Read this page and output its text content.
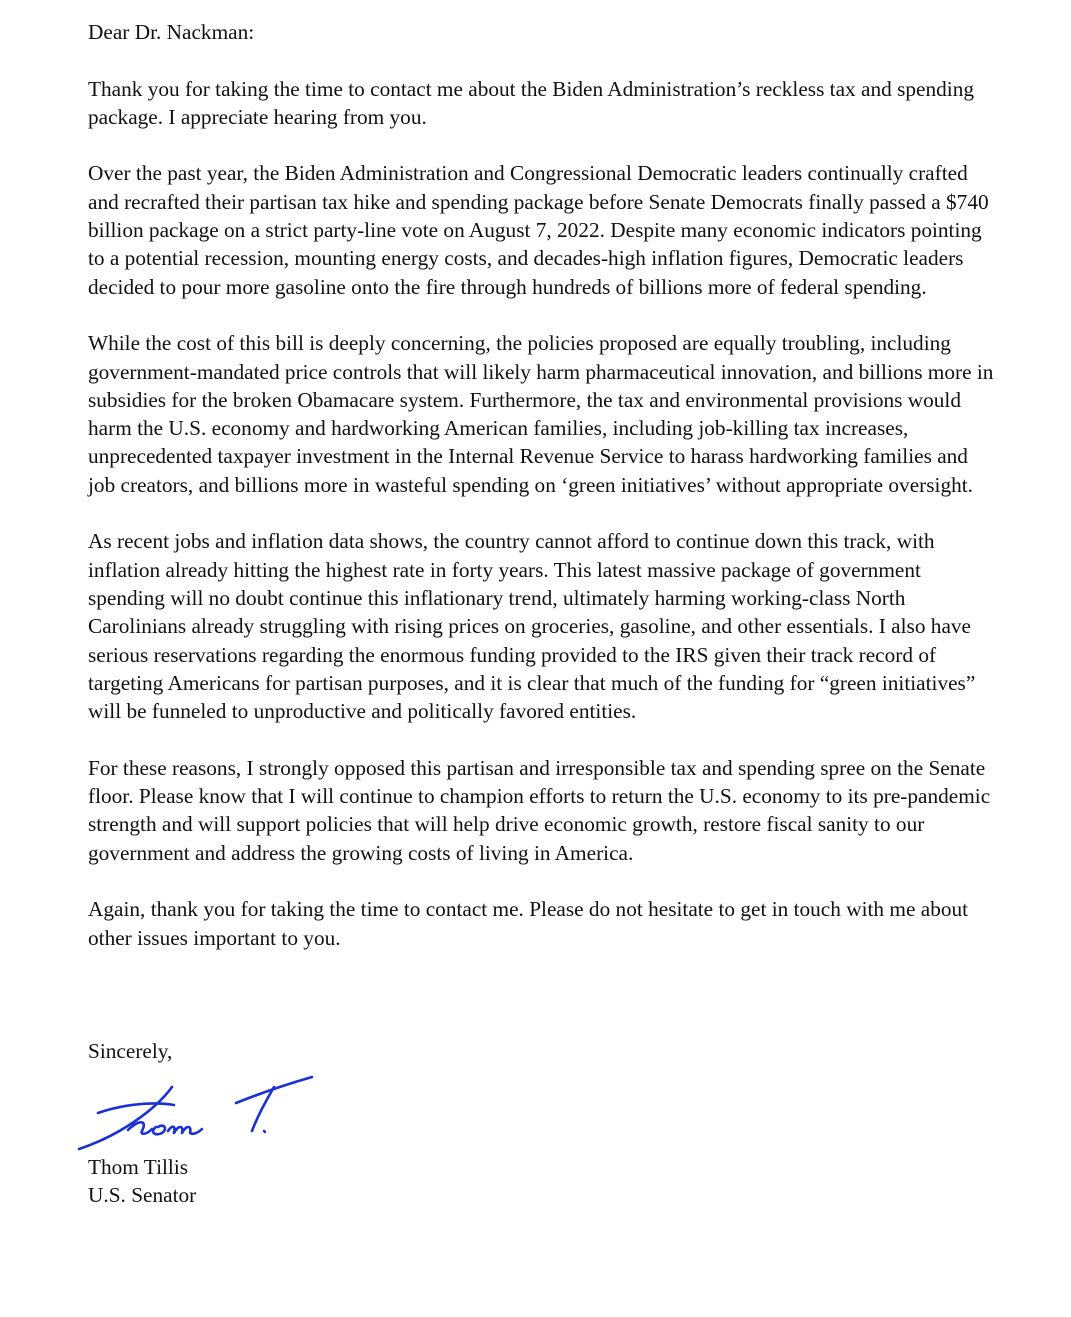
Dear Dr. Nackman:

Thank you for taking the time to contact me about the Biden Administration’s reckless tax and spending package. I appreciate hearing from you.

Over the past year, the Biden Administration and Congressional Democratic leaders continually crafted and recrafted their partisan tax hike and spending package before Senate Democrats finally passed a $740 billion package on a strict party-line vote on August 7, 2022. Despite many economic indicators pointing to a potential recession, mounting energy costs, and decades-high inflation figures, Democratic leaders decided to pour more gasoline onto the fire through hundreds of billions more of federal spending.

While the cost of this bill is deeply concerning, the policies proposed are equally troubling, including government-mandated price controls that will likely harm pharmaceutical innovation, and billions more in subsidies for the broken Obamacare system. Furthermore, the tax and environmental provisions would harm the U.S. economy and hardworking American families, including job-killing tax increases, unprecedented taxpayer investment in the Internal Revenue Service to harass hardworking families and job creators, and billions more in wasteful spending on ‘green initiatives’ without appropriate oversight.

As recent jobs and inflation data shows, the country cannot afford to continue down this track, with inflation already hitting the highest rate in forty years. This latest massive package of government spending will no doubt continue this inflationary trend, ultimately harming working-class North Carolinians already struggling with rising prices on groceries, gasoline, and other essentials. I also have serious reservations regarding the enormous funding provided to the IRS given their track record of targeting Americans for partisan purposes, and it is clear that much of the funding for “green initiatives” will be funneled to unproductive and politically favored entities.

For these reasons, I strongly opposed this partisan and irresponsible tax and spending spree on the Senate floor. Please know that I will continue to champion efforts to return the U.S. economy to its pre-pandemic strength and will support policies that will help drive economic growth, restore fiscal sanity to our government and address the growing costs of living in America.

Again, thank you for taking the time to contact me. Please do not hesitate to get in touch with me about other issues important to you.

Sincerely,

Thom Tillis

U.S. Senator
